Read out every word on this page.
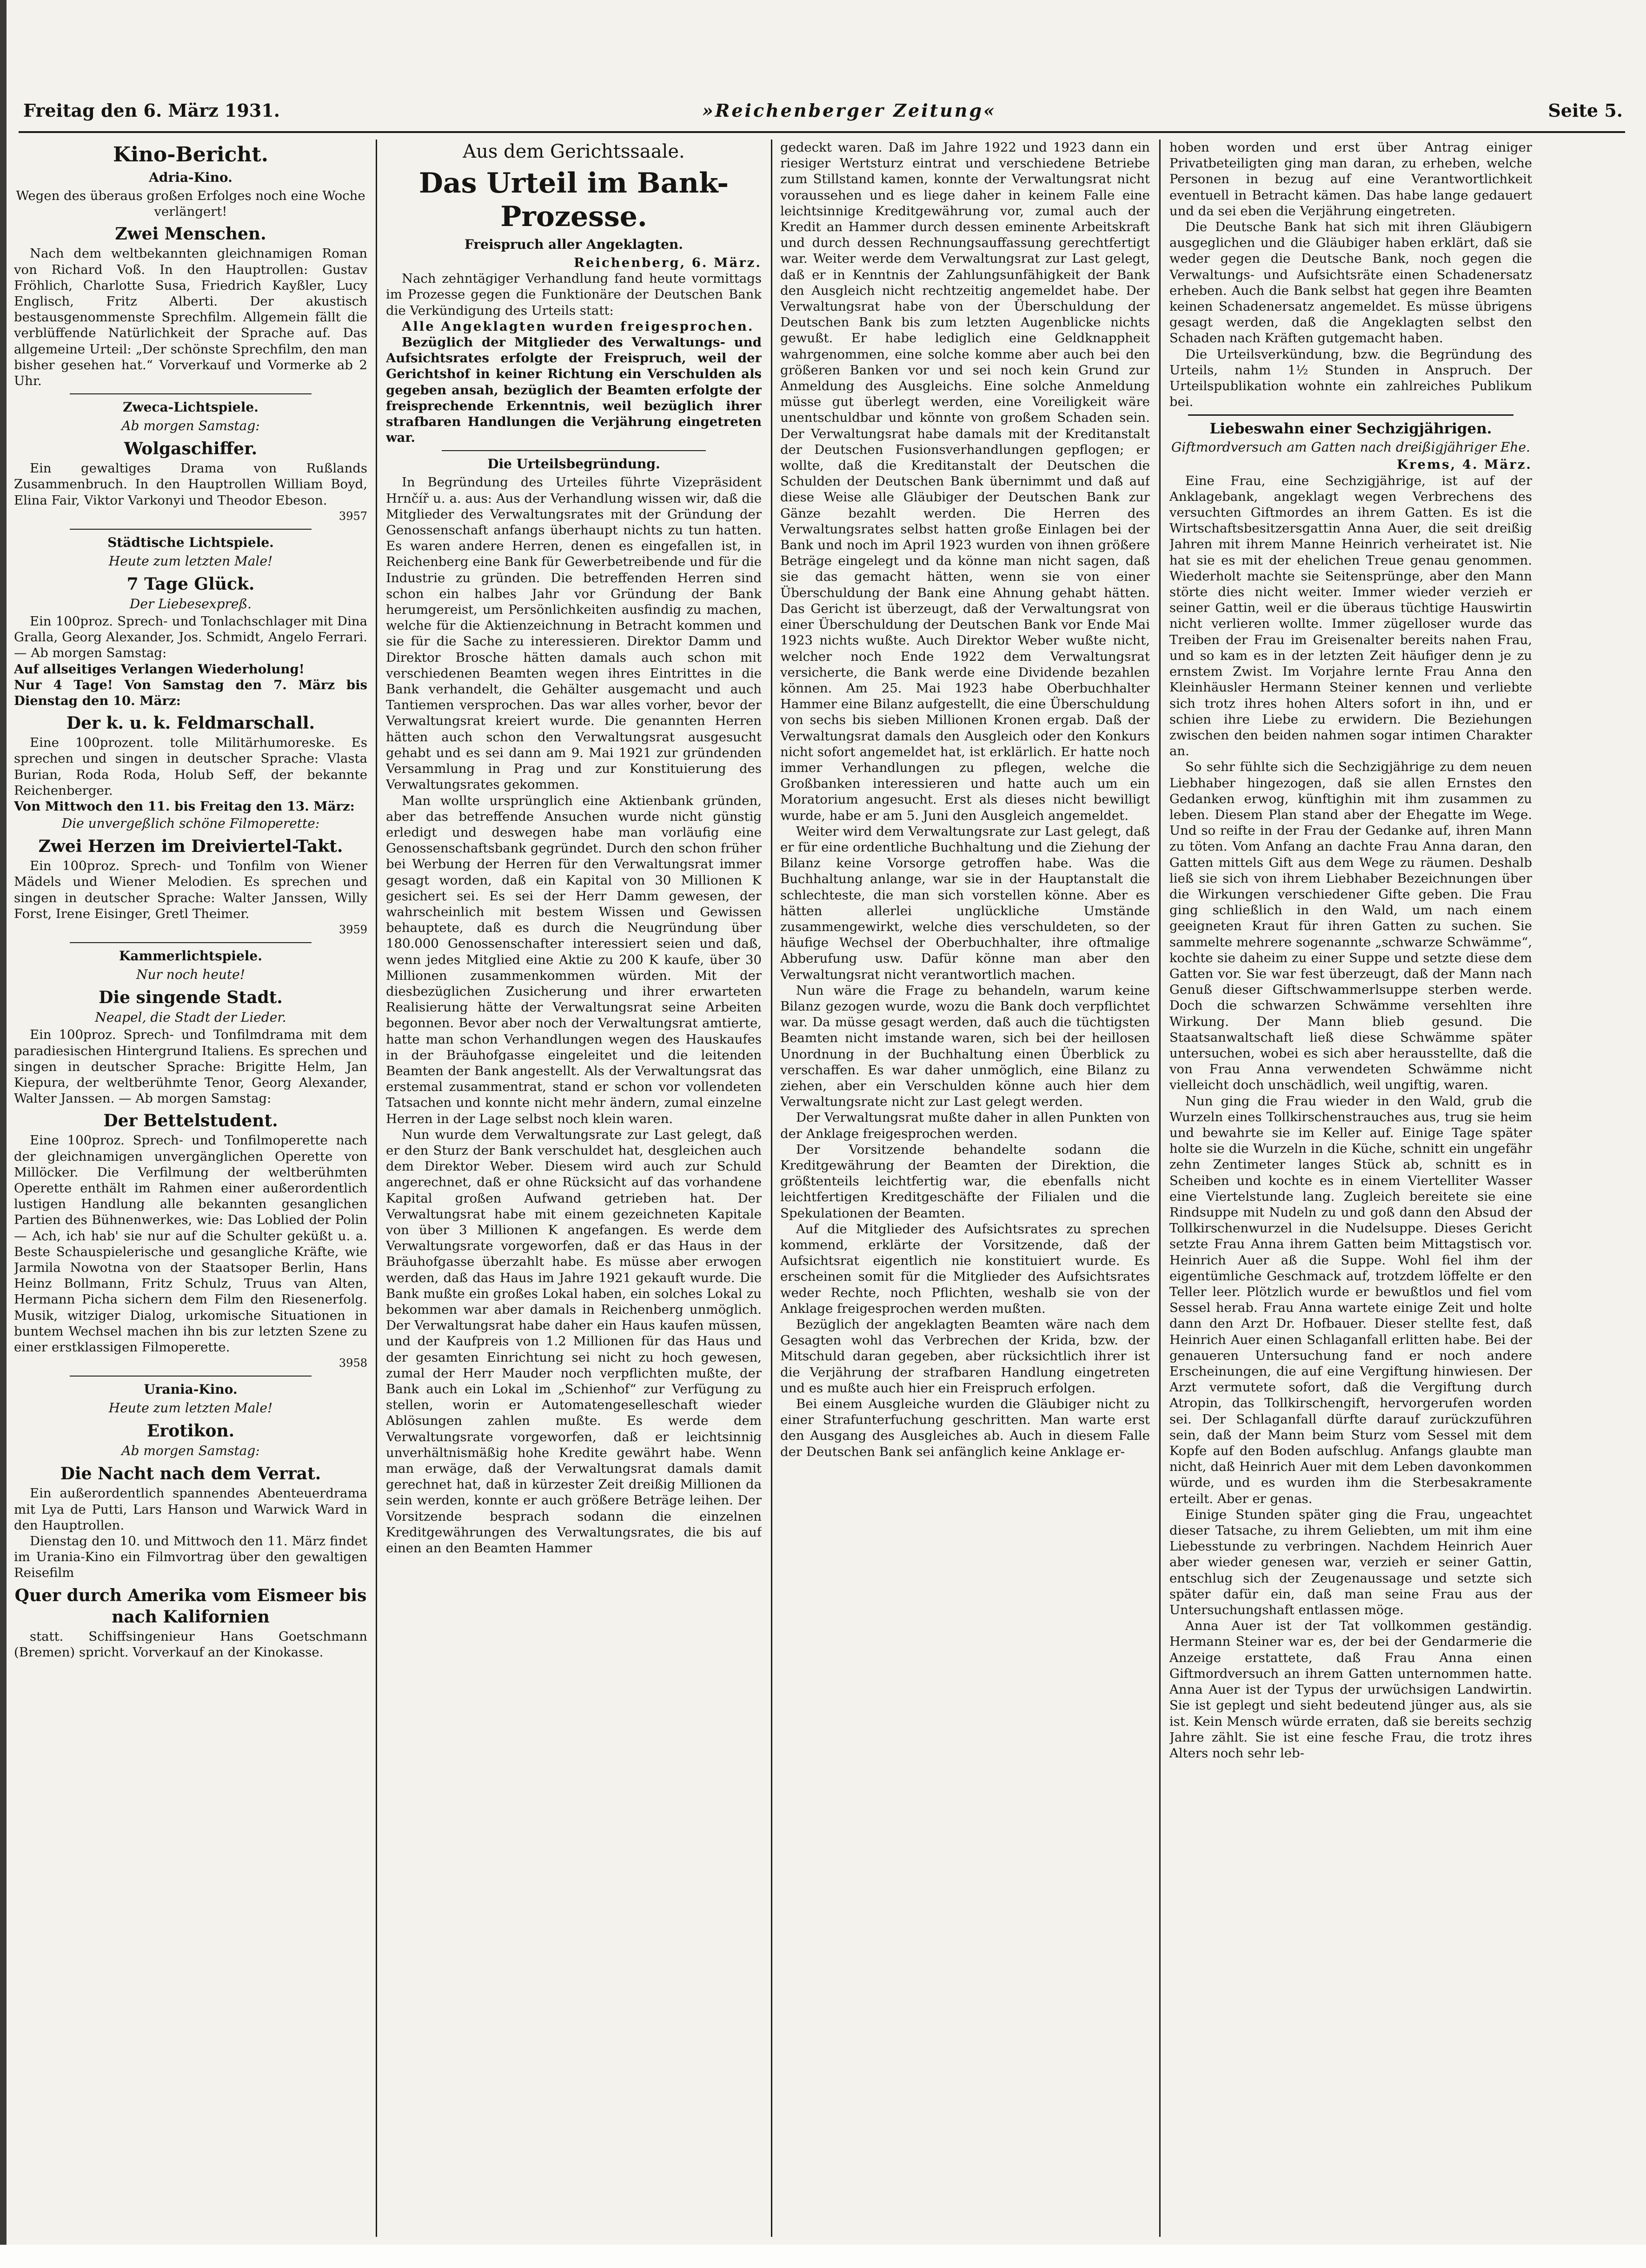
Freitag den 6. März 1931.	»Reichenberger Zeitung«	Seite 5.
Kino-Bericht.
Adria-Kino.

Wegen des überaus großen Erfolges noch eine Woche verlängert!

Zwei Menschen.

Nach dem weltbekannten gleichnamigen Roman von Richard Voß. In den Hauptrollen: Gustav Fröhlich, Charlotte Susa, Friedrich Kayßler, Lucy Englisch, Fritz Alberti. Der akustisch bestausgenommenste Sprechfilm. Allgemein fällt die verblüffende Natürlichkeit der Sprache auf. Das allgemeine Urteil: „Der schönste Sprechfilm, den man bisher gesehen hat.“ Vorverkauf und Vormerke ab 2 Uhr.

Zweca-Lichtspiele.
Ab morgen Samstag:
Wolgaschiffer.

Ein gewaltiges Drama von Rußlands Zusammenbruch. In den Hauptrollen William Boyd, Elina Fair, Viktor Varkonyi und Theodor Ebeson.

3957
Städtische Lichtspiele.
Heute zum letzten Male!
7 Tage Glück.
Der Liebesexpreß.

Ein 100proz. Sprech- und Tonlachschlager mit Dina Gralla, Georg Alexander, Jos. Schmidt, Angelo Ferrari. — Ab morgen Samstag:

Auf allseitiges Verlangen Wiederholung!

Nur 4 Tage! Von Samstag den 7. März bis Dienstag den 10. März:

Der k. u. k. Feldmarschall.

Eine 100prozent. tolle Militärhumoreske. Es sprechen und singen in deutscher Sprache: Vlasta Burian, Roda Roda, Holub Seff, der bekannte Reichenberger.

Von Mittwoch den 11. bis Freitag den 13. März:

Die unvergeßlich schöne Filmoperette:
Zwei Herzen im Dreiviertel-Takt.

Ein 100proz. Sprech- und Tonfilm von Wiener Mädels und Wiener Melodien. Es sprechen und singen in deutscher Sprache: Walter Janssen, Willy Forst, Irene Eisinger, Gretl Theimer.

3959
Kammerlichtspiele.
Nur noch heute!
Die singende Stadt.
Neapel, die Stadt der Lieder.

Ein 100proz. Sprech- und Tonfilmdrama mit dem paradiesischen Hintergrund Italiens. Es sprechen und singen in deutscher Sprache: Brigitte Helm, Jan Kiepura, der weltberühmte Tenor, Georg Alexander, Walter Janssen. — Ab morgen Samstag:

Der Bettelstudent.

Eine 100proz. Sprech- und Tonfilmoperette nach der gleichnamigen unvergänglichen Operette von Millöcker. Die Verfilmung der weltberühmten Operette enthält im Rahmen einer außerordentlich lustigen Handlung alle bekannten gesanglichen Partien des Bühnenwerkes, wie: Das Loblied der Polin — Ach, ich hab' sie nur auf die Schulter geküßt u. a. Beste Schauspielerische und gesangliche Kräfte, wie Jarmila Nowotna von der Staatsoper Berlin, Hans Heinz Bollmann, Fritz Schulz, Truus van Alten, Hermann Picha sichern dem Film den Riesenerfolg. Musik, witziger Dialog, urkomische Situationen in buntem Wechsel machen ihn bis zur letzten Szene zu einer erstklassigen Filmoperette.

3958
Urania-Kino.
Heute zum letzten Male!
Erotikon.
Ab morgen Samstag:
Die Nacht nach dem Verrat.

Ein außerordentlich spannendes Abenteuerdrama mit Lya de Putti, Lars Hanson und Warwick Ward in den Hauptrollen.

Dienstag den 10. und Mittwoch den 11. März findet im Urania-Kino ein Filmvortrag über den gewaltigen Reisefilm

Quer durch Amerika vom Eismeer bis nach Kalifornien

statt. Schiffsingenieur Hans Goetschmann (Bremen) spricht. Vorverkauf an der Kinokasse.

Aus dem Gerichtssaale.
Das Urteil im Bank-Prozesse.
Freispruch aller Angeklagten.

Reichenberg, 6. März.

Nach zehntägiger Verhandlung fand heute vormittags im Prozesse gegen die Funktionäre der Deutschen Bank die Verkündigung des Urteils statt:

Alle Angeklagten wurden freigesprochen.

Bezüglich der Mitglieder des Verwaltungs- und Aufsichtsrates erfolgte der Freispruch, weil der Gerichtshof in keiner Richtung ein Verschulden als gegeben ansah, bezüglich der Beamten erfolgte der freisprechende Erkenntnis, weil bezüglich ihrer strafbaren Handlungen die Verjährung eingetreten war.

Die Urteilsbegründung.

In Begründung des Urteiles führte Vizepräsident Hrnčíř u. a. aus: Aus der Verhandlung wissen wir, daß die Mitglieder des Verwaltungsrates mit der Gründung der Genossenschaft anfangs überhaupt nichts zu tun hatten. Es waren andere Herren, denen es eingefallen ist, in Reichenberg eine Bank für Gewerbetreibende und für die Industrie zu gründen. Die betreffenden Herren sind schon ein halbes Jahr vor Gründung der Bank herumgereist, um Persönlichkeiten ausfindig zu machen, welche für die Aktienzeichnung in Betracht kommen und sie für die Sache zu interessieren. Direktor Damm und Direktor Brosche hätten damals auch schon mit verschiedenen Beamten wegen ihres Eintrittes in die Bank verhandelt, die Gehälter ausgemacht und auch Tantiemen versprochen. Das war alles vorher, bevor der Verwaltungsrat kreiert wurde. Die genannten Herren hätten auch schon den Verwaltungsrat ausgesucht gehabt und es sei dann am 9. Mai 1921 zur gründenden Versammlung in Prag und zur Konstituierung des Verwaltungsrates gekommen.

Man wollte ursprünglich eine Aktienbank gründen, aber das betreffende Ansuchen wurde nicht günstig erledigt und deswegen habe man vorläufig eine Genossenschaftsbank gegründet. Durch den schon früher bei Werbung der Herren für den Verwaltungsrat immer gesagt worden, daß ein Kapital von 30 Millionen K gesichert sei. Es sei der Herr Damm gewesen, der wahrscheinlich mit bestem Wissen und Gewissen behauptete, daß es durch die Neugründung über 180.000 Genossenschafter interessiert seien und daß, wenn jedes Mitglied eine Aktie zu 200 K kaufe, über 30 Millionen zusammenkommen würden. Mit der diesbezüglichen Zusicherung und ihrer erwarteten Realisierung hätte der Verwaltungsrat seine Arbeiten begonnen. Bevor aber noch der Verwaltungsrat amtierte, hatte man schon Verhandlungen wegen des Hauskaufes in der Bräuhofgasse eingeleitet und die leitenden Beamten der Bank angestellt. Als der Verwaltungsrat das erstemal zusammentrat, stand er schon vor vollendeten Tatsachen und konnte nicht mehr ändern, zumal einzelne Herren in der Lage selbst noch klein waren.

Nun wurde dem Verwaltungsrate zur Last gelegt, daß er den Sturz der Bank verschuldet hat, desgleichen auch dem Direktor Weber. Diesem wird auch zur Schuld angerechnet, daß er ohne Rücksicht auf das vorhandene Kapital großen Aufwand getrieben hat. Der Verwaltungsrat habe mit einem gezeichneten Kapitale von über 3 Millionen K angefangen. Es werde dem Verwaltungsrate vorgeworfen, daß er das Haus in der Bräuhofgasse überzahlt habe. Es müsse aber erwogen werden, daß das Haus im Jahre 1921 gekauft wurde. Die Bank mußte ein großes Lokal haben, ein solches Lokal zu bekommen war aber damals in Reichenberg unmöglich. Der Verwaltungsrat habe daher ein Haus kaufen müssen, und der Kaufpreis von 1.2 Millionen für das Haus und der gesamten Einrichtung sei nicht zu hoch gewesen, zumal der Herr Mauder noch verpflichten mußte, der Bank auch ein Lokal im „Schienhof“ zur Verfügung zu stellen, worin er Automatengeselleschaft wieder Ablösungen zahlen mußte. Es werde dem Verwaltungsrate vorgeworfen, daß er leichtsinnig unverhältnismäßig hohe Kredite gewährt habe. Wenn man erwäge, daß der Verwaltungsrat damals damit gerechnet hat, daß in kürzester Zeit dreißig Millionen da sein werden, konnte er auch größere Beträge leihen. Der Vorsitzende besprach sodann die einzelnen Kreditgewährungen des Verwaltungsrates, die bis auf einen an den Beamten Hammer

gedeckt waren. Daß im Jahre 1922 und 1923 dann ein riesiger Wertsturz eintrat und verschiedene Betriebe zum Stillstand kamen, konnte der Verwaltungsrat nicht voraussehen und es liege daher in keinem Falle eine leichtsinnige Kreditgewährung vor, zumal auch der Kredit an Hammer durch dessen eminente Arbeitskraft und durch dessen Rechnungsauffassung gerechtfertigt war. Weiter werde dem Verwaltungsrat zur Last gelegt, daß er in Kenntnis der Zahlungsunfähigkeit der Bank den Ausgleich nicht rechtzeitig angemeldet habe. Der Verwaltungsrat habe von der Überschuldung der Deutschen Bank bis zum letzten Augenblicke nichts gewußt. Er habe lediglich eine Geldknappheit wahrgenommen, eine solche komme aber auch bei den größeren Banken vor und sei noch kein Grund zur Anmeldung des Ausgleichs. Eine solche Anmeldung müsse gut überlegt werden, eine Voreiligkeit wäre unentschuldbar und könnte von großem Schaden sein. Der Verwaltungsrat habe damals mit der Kreditanstalt der Deutschen Fusionsverhandlungen gepflogen; er wollte, daß die Kreditanstalt der Deutschen die Schulden der Deutschen Bank übernimmt und daß auf diese Weise alle Gläubiger der Deutschen Bank zur Gänze bezahlt werden. Die Herren des Verwaltungsrates selbst hatten große Einlagen bei der Bank und noch im April 1923 wurden von ihnen größere Beträge eingelegt und da könne man nicht sagen, daß sie das gemacht hätten, wenn sie von einer Überschuldung der Bank eine Ahnung gehabt hätten. Das Gericht ist überzeugt, daß der Verwaltungsrat von einer Überschuldung der Deutschen Bank vor Ende Mai 1923 nichts wußte. Auch Direktor Weber wußte nicht, welcher noch Ende 1922 dem Verwaltungsrat versicherte, die Bank werde eine Dividende bezahlen können. Am 25. Mai 1923 habe Oberbuchhalter Hammer eine Bilanz aufgestellt, die eine Überschuldung von sechs bis sieben Millionen Kronen ergab. Daß der Verwaltungsrat damals den Ausgleich oder den Konkurs nicht sofort angemeldet hat, ist erklärlich. Er hatte noch immer Verhandlungen zu pflegen, welche die Großbanken interessieren und hatte auch um ein Moratorium angesucht. Erst als dieses nicht bewilligt wurde, habe er am 5. Juni den Ausgleich angemeldet.

Weiter wird dem Verwaltungsrate zur Last gelegt, daß er für eine ordentliche Buchhaltung und die Ziehung der Bilanz keine Vorsorge getroffen habe. Was die Buchhaltung anlange, war sie in der Hauptanstalt die schlechteste, die man sich vorstellen könne. Aber es hätten allerlei unglückliche Umstände zusammengewirkt, welche dies verschuldeten, so der häufige Wechsel der Oberbuchhalter, ihre oftmalige Abberufung usw. Dafür könne man aber den Verwaltungsrat nicht verantwortlich machen.

Nun wäre die Frage zu behandeln, warum keine Bilanz gezogen wurde, wozu die Bank doch verpflichtet war. Da müsse gesagt werden, daß auch die tüchtigsten Beamten nicht imstande waren, sich bei der heillosen Unordnung in der Buchhaltung einen Überblick zu verschaffen. Es war daher unmöglich, eine Bilanz zu ziehen, aber ein Verschulden könne auch hier dem Verwaltungsrate nicht zur Last gelegt werden.

Der Verwaltungsrat mußte daher in allen Punkten von der Anklage freigesprochen werden.

Der Vorsitzende behandelte sodann die Kreditgewährung der Beamten der Direktion, die größtenteils leichtfertig war, die ebenfalls nicht leichtfertigen Kreditgeschäfte der Filialen und die Spekulationen der Beamten.

Auf die Mitglieder des Aufsichtsrates zu sprechen kommend, erklärte der Vorsitzende, daß der Aufsichtsrat eigentlich nie konstituiert wurde. Es erscheinen somit für die Mitglieder des Aufsichtsrates weder Rechte, noch Pflichten, weshalb sie von der Anklage freigesprochen werden mußten.

Bezüglich der angeklagten Beamten wäre nach dem Gesagten wohl das Verbrechen der Krida, bzw. der Mitschuld daran gegeben, aber rücksichtlich ihrer ist die Verjährung der strafbaren Handlung eingetreten und es mußte auch hier ein Freispruch erfolgen.

Bei einem Ausgleiche wurden die Gläubiger nicht zu einer Strafunterfuchung geschritten. Man warte erst den Ausgang des Ausgleiches ab. Auch in diesem Falle der Deutschen Bank sei anfänglich keine Anklage er-

hoben worden und erst über Antrag einiger Privatbeteiligten ging man daran, zu erheben, welche Personen in bezug auf eine Verantwortlichkeit eventuell in Betracht kämen. Das habe lange gedauert und da sei eben die Verjährung eingetreten.

Die Deutsche Bank hat sich mit ihren Gläubigern ausgeglichen und die Gläubiger haben erklärt, daß sie weder gegen die Deutsche Bank, noch gegen die Verwaltungs- und Aufsichtsräte einen Schadenersatz erheben. Auch die Bank selbst hat gegen ihre Beamten keinen Schadenersatz angemeldet. Es müsse übrigens gesagt werden, daß die Angeklagten selbst den Schaden nach Kräften gutgemacht haben.

Die Urteilsverkündung, bzw. die Begründung des Urteils, nahm 1½ Stunden in Anspruch. Der Urteilspublikation wohnte ein zahlreiches Publikum bei.

Liebeswahn einer Sechzigjährigen.
Giftmordversuch am Gatten nach dreißigjähriger Ehe.

Krems, 4. März.

Eine Frau, eine Sechzigjährige, ist auf der Anklagebank, angeklagt wegen Verbrechens des versuchten Giftmordes an ihrem Gatten. Es ist die Wirtschaftsbesitzersgattin Anna Auer, die seit dreißig Jahren mit ihrem Manne Heinrich verheiratet ist. Nie hat sie es mit der ehelichen Treue genau genommen. Wiederholt machte sie Seitensprünge, aber den Mann störte dies nicht weiter. Immer wieder verzieh er seiner Gattin, weil er die überaus tüchtige Hauswirtin nicht verlieren wollte. Immer zügelloser wurde das Treiben der Frau im Greisenalter bereits nahen Frau, und so kam es in der letzten Zeit häufiger denn je zu ernstem Zwist. Im Vorjahre lernte Frau Anna den Kleinhäusler Hermann Steiner kennen und verliebte sich trotz ihres hohen Alters sofort in ihn, und er schien ihre Liebe zu erwidern. Die Beziehungen zwischen den beiden nahmen sogar intimen Charakter an.

So sehr fühlte sich die Sechzigjährige zu dem neuen Liebhaber hingezogen, daß sie allen Ernstes den Gedanken erwog, künftighin mit ihm zusammen zu leben. Diesem Plan stand aber der Ehegatte im Wege. Und so reifte in der Frau der Gedanke auf, ihren Mann zu töten. Vom Anfang an dachte Frau Anna daran, den Gatten mittels Gift aus dem Wege zu räumen. Deshalb ließ sie sich von ihrem Liebhaber Bezeichnungen über die Wirkungen verschiedener Gifte geben. Die Frau ging schließlich in den Wald, um nach einem geeigneten Kraut für ihren Gatten zu suchen. Sie sammelte mehrere sogenannte „schwarze Schwämme“, kochte sie daheim zu einer Suppe und setzte diese dem Gatten vor. Sie war fest überzeugt, daß der Mann nach Genuß dieser Giftschwammerlsuppe sterben werde. Doch die schwarzen Schwämme versehlten ihre Wirkung. Der Mann blieb gesund. Die Staatsanwaltschaft ließ diese Schwämme später untersuchen, wobei es sich aber herausstellte, daß die von Frau Anna verwendeten Schwämme nicht vielleicht doch unschädlich, weil ungiftig, waren.

Nun ging die Frau wieder in den Wald, grub die Wurzeln eines Tollkirschenstrauches aus, trug sie heim und bewahrte sie im Keller auf. Einige Tage später holte sie die Wurzeln in die Küche, schnitt ein ungefähr zehn Zentimeter langes Stück ab, schnitt es in Scheiben und kochte es in einem Viertelliter Wasser eine Viertelstunde lang. Zugleich bereitete sie eine Rindsuppe mit Nudeln zu und goß dann den Absud der Tollkirschenwurzel in die Nudelsuppe. Dieses Gericht setzte Frau Anna ihrem Gatten beim Mittagstisch vor. Heinrich Auer aß die Suppe. Wohl fiel ihm der eigentümliche Geschmack auf, trotzdem löffelte er den Teller leer. Plötzlich wurde er bewußtlos und fiel vom Sessel herab. Frau Anna wartete einige Zeit und holte dann den Arzt Dr. Hofbauer. Dieser stellte fest, daß Heinrich Auer einen Schlaganfall erlitten habe. Bei der genaueren Untersuchung fand er noch andere Erscheinungen, die auf eine Vergiftung hinwiesen. Der Arzt vermutete sofort, daß die Vergiftung durch Atropin, das Tollkirschengift, hervorgerufen worden sei. Der Schlaganfall dürfte darauf zurückzuführen sein, daß der Mann beim Sturz vom Sessel mit dem Kopfe auf den Boden aufschlug. Anfangs glaubte man nicht, daß Heinrich Auer mit dem Leben davonkommen würde, und es wurden ihm die Sterbesakramente erteilt. Aber er genas.

Einige Stunden später ging die Frau, ungeachtet dieser Tatsache, zu ihrem Geliebten, um mit ihm eine Liebesstunde zu verbringen. Nachdem Heinrich Auer aber wieder genesen war, verzieh er seiner Gattin, entschlug sich der Zeugenaussage und setzte sich später dafür ein, daß man seine Frau aus der Untersuchungshaft entlassen möge.

Anna Auer ist der Tat vollkommen geständig. Hermann Steiner war es, der bei der Gendarmerie die Anzeige erstattete, daß Frau Anna einen Giftmordversuch an ihrem Gatten unternommen hatte. Anna Auer ist der Typus der urwüchsigen Landwirtin. Sie ist geplegt und sieht bedeutend jünger aus, als sie ist. Kein Mensch würde erraten, daß sie bereits sechzig Jahre zählt. Sie ist eine fesche Frau, die trotz ihres Alters noch sehr leb-
